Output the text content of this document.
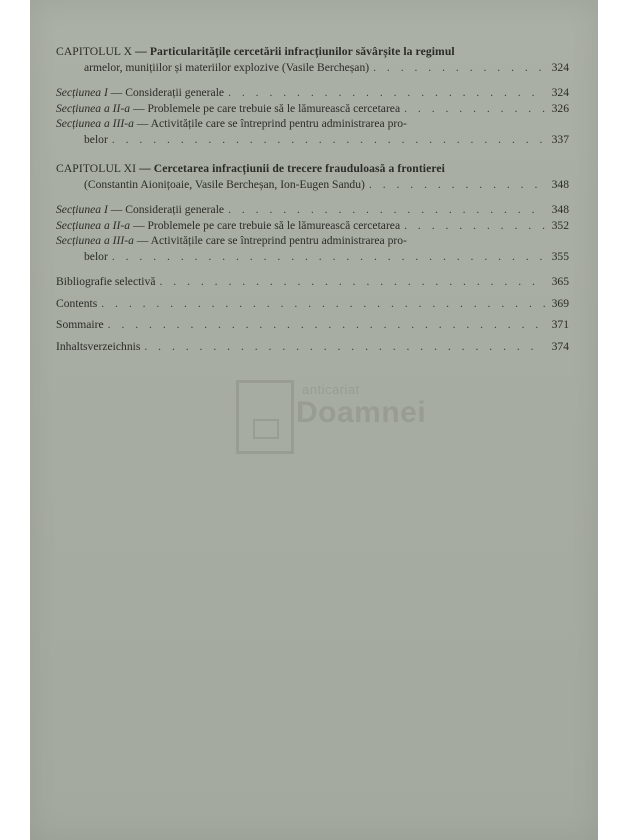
CAPITOLUL X — Particularitățile cercetării infracțiunilor săvârșite la regimul
armelor, munițiilor și materiilor explozive (Vasile Bercheșan) . . .	324
Secțiunea I — Considerații generale . . .	324
Secțiunea a II-a — Problemele pe care trebuie să le lămurească cercetarea . . .	326
Secțiunea a III-a — Activitățile care se întreprind pentru administrarea pro-
belor . . .	337
CAPITOLUL XI — Cercetarea infracțiunii de trecere frauduloasă a frontierei
(Constantin Aionițoaie, Vasile Bercheșan, Ion-Eugen Sandu) . . .	348
Secțiunea I — Considerații generale . . .	348
Secțiunea a II-a — Problemele pe care trebuie să le lămurească cercetarea . . .	352
Secțiunea a III-a — Activitățile care se întreprind pentru administrarea pro-
belor . . .	355
Bibliografie selectivă . . .	365
Contents . . .	369
Sommaire . . .	371
Inhaltsverzeichnis . . .	374
anticariat
Doamnei
